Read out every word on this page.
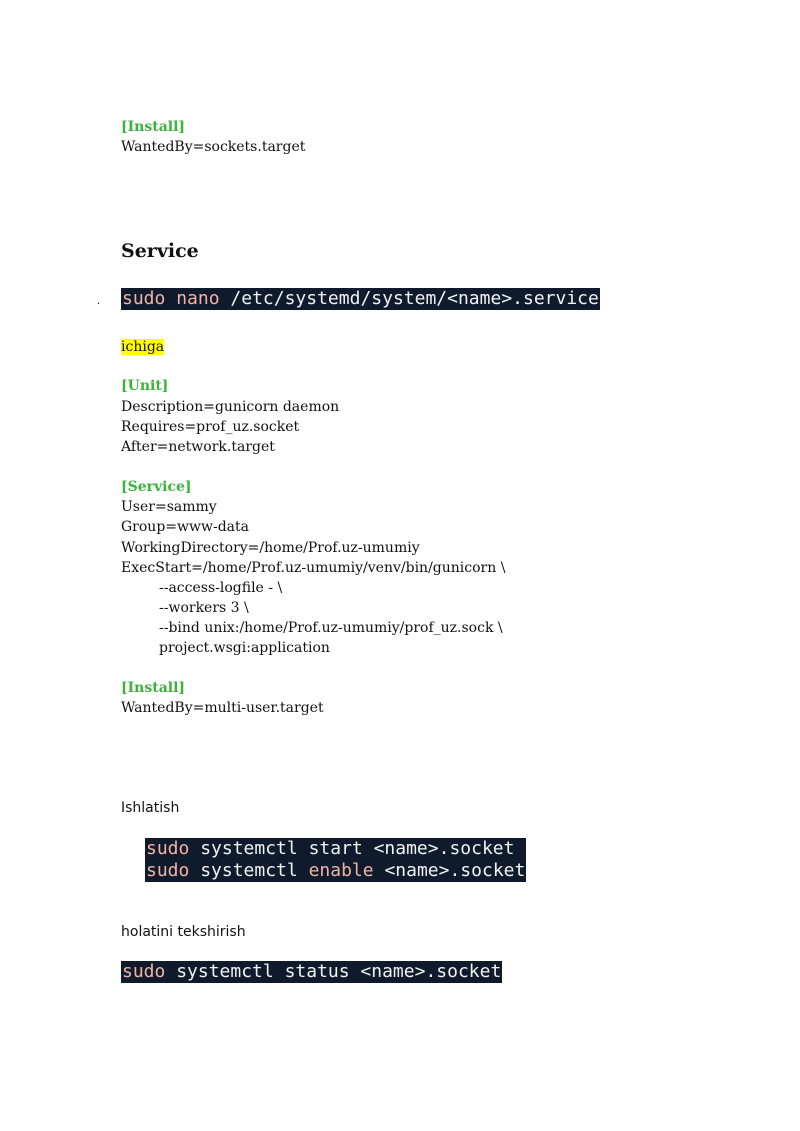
[Install]
WantedBy=sockets.target
Service
. sudo nano /etc/systemd/system/<name>.service
ichiga
[Unit]
Description=gunicorn daemon
Requires=prof_uz.socket
After=network.target
[Service]
User=sammy
Group=www-data
WorkingDirectory=/home/Prof.uz-umumiy
ExecStart=/home/Prof.uz-umumiy/venv/bin/gunicorn \
--access-logfile - \
--workers 3 \
--bind unix:/home/Prof.uz-umumiy/prof_uz.sock \
project.wsgi:application
[Install]
WantedBy=multi-user.target
Ishlatish
sudo systemctl start <name>.socket
sudo systemctl enable <name>.socket
holatini tekshirish
sudo systemctl status <name>.socket
